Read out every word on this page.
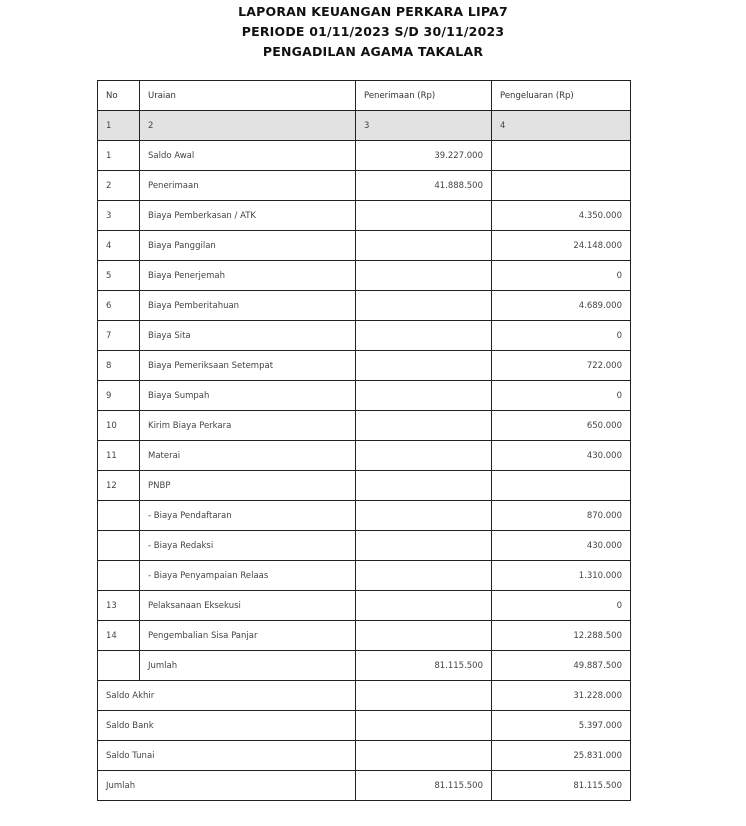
LAPORAN KEUANGAN PERKARA LIPA7
PERIODE 01/11/2023 S/D 30/11/2023
PENGADILAN AGAMA TAKALAR
No	Uraian	Penerimaan (Rp)	Pengeluaran (Rp)
1	2	3	4
1	Saldo Awal	39.227.000	
2	Penerimaan	41.888.500	
3	Biaya Pemberkasan / ATK		4.350.000
4	Biaya Panggilan		24.148.000
5	Biaya Penerjemah		0
6	Biaya Pemberitahuan		4.689.000
7	Biaya Sita		0
8	Biaya Pemeriksaan Setempat		722.000
9	Biaya Sumpah		0
10	Kirim Biaya Perkara		650.000
11	Materai		430.000
12	PNBP		
	- Biaya Pendaftaran		870.000
	- Biaya Redaksi		430.000
	- Biaya Penyampaian Relaas		1.310.000
13	Pelaksanaan Eksekusi		0
14	Pengembalian Sisa Panjar		12.288.500
	Jumlah	81.115.500	49.887.500
Saldo Akhir			31.228.000
Saldo Bank			5.397.000
Saldo Tunai			25.831.000
Jumlah		81.115.500	81.115.500
